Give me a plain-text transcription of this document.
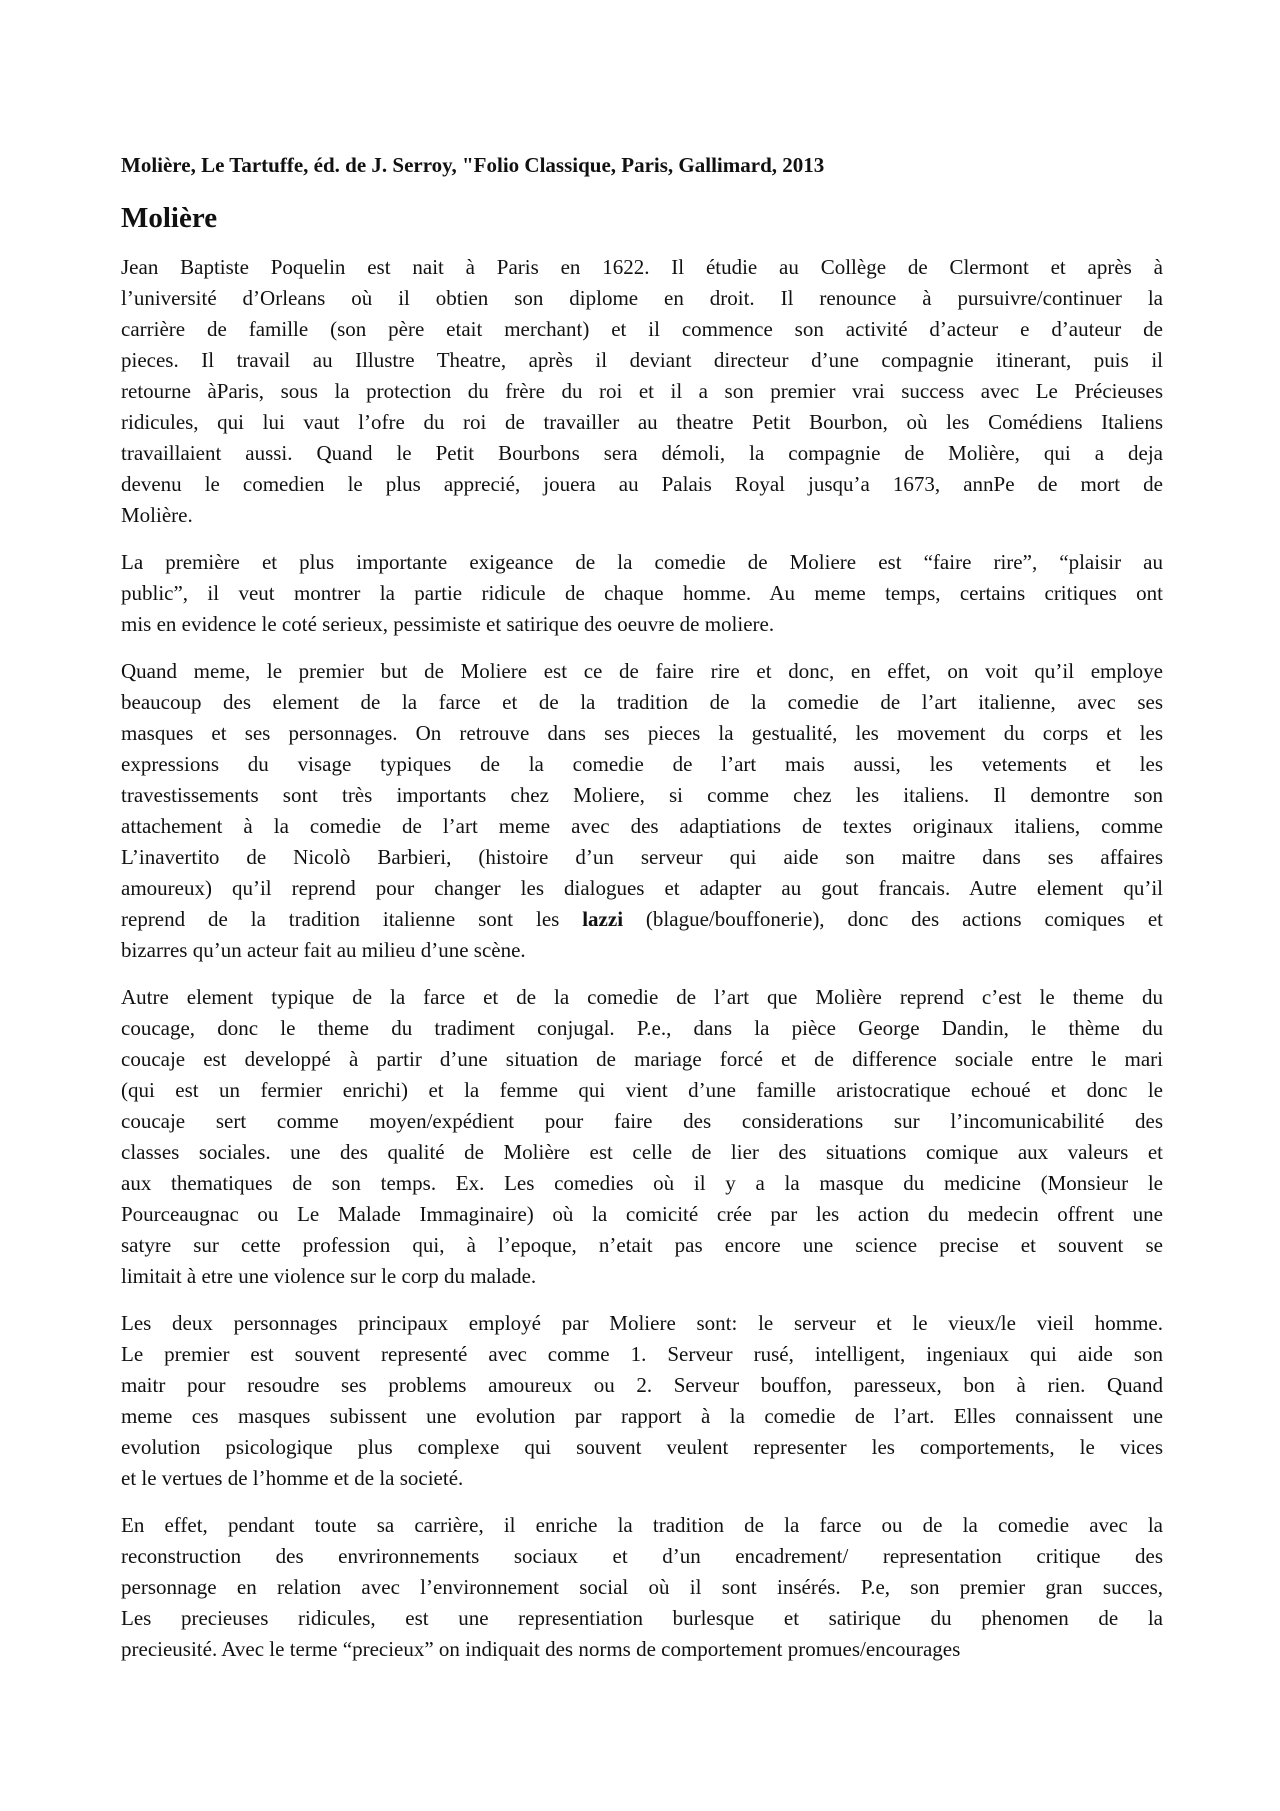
Molière, Le Tartuffe, éd. de J. Serroy, "Folio Classique, Paris, Gallimard, 2013

Molière
Jean Baptiste Poquelin est nait à Paris en 1622. Il étudie au Collège de Clermont et après à
l’université d’Orleans où il obtien son diplome en droit. Il renounce à pursuivre/continuer la
carrière de famille (son père etait merchant) et il commence son activité d’acteur e d’auteur de
pieces. Il travail au Illustre Theatre, après il deviant directeur d’une compagnie itinerant, puis il
retourne àParis, sous la protection du frère du roi et il a son premier vrai success avec Le Précieuses
ridicules, qui lui vaut l’ofre du roi de travailler au theatre Petit Bourbon, où les Comédiens Italiens
travaillaient aussi. Quand le Petit Bourbons sera démoli, la compagnie de Molière, qui a deja
devenu le comedien le plus apprecié, jouera au Palais Royal jusqu’a 1673, annPe de mort de
Molière.
La première et plus importante exigeance de la comedie de Moliere est “faire rire”, “plaisir au
public”, il veut montrer la partie ridicule de chaque homme. Au meme temps, certains critiques ont
mis en evidence le coté serieux, pessimiste et satirique des oeuvre de moliere.
Quand meme, le premier but de Moliere est ce de faire rire et donc, en effet, on voit qu’il employe
beaucoup des element de la farce et de la tradition de la comedie de l’art italienne, avec ses
masques et ses personnages. On retrouve dans ses pieces la gestualité, les movement du corps et les
expressions du visage typiques de la comedie de l’art mais aussi, les vetements et les
travestissements sont très importants chez Moliere, si comme chez les italiens. Il demontre son
attachement à la comedie de l’art meme avec des adaptiations de textes originaux italiens, comme
L’inavertito de Nicolò Barbieri, (histoire d’un serveur qui aide son maitre dans ses affaires
amoureux) qu’il reprend pour changer les dialogues et adapter au gout francais. Autre element qu’il
reprend de la tradition italienne sont les lazzi (blague/bouffonerie), donc des actions comiques et
bizarres qu’un acteur fait au milieu d’une scène.
Autre element typique de la farce et de la comedie de l’art que Molière reprend c’est le theme du
coucage, donc le theme du tradiment conjugal. P.e., dans la pièce George Dandin, le thème du
coucaje est developpé à partir d’une situation de mariage forcé et de difference sociale entre le mari
(qui est un fermier enrichi) et la femme qui vient d’une famille aristocratique echoué et donc le
coucaje sert comme moyen/expédient pour faire des considerations sur l’incomunicabilité des
classes sociales. une des qualité de Molière est celle de lier des situations comique aux valeurs et
aux thematiques de son temps. Ex. Les comedies où il y a la masque du medicine (Monsieur le
Pourceaugnac ou Le Malade Immaginaire) où la comicité crée par les action du medecin offrent une
satyre sur cette profession qui, à l’epoque, n’etait pas encore une science precise et souvent se
limitait à etre une violence sur le corp du malade.
Les deux personnages principaux employé par Moliere sont: le serveur et le vieux/le vieil homme.
Le premier est souvent representé avec comme 1. Serveur rusé, intelligent, ingeniaux qui aide son
maitr pour resoudre ses problems amoureux ou 2. Serveur bouffon, paresseux, bon à rien. Quand
meme ces masques subissent une evolution par rapport à la comedie de l’art. Elles connaissent une
evolution psicologique plus complexe qui souvent veulent representer les comportements, le vices
et le vertues de l’homme et de la societé.
En effet, pendant toute sa carrière, il enriche la tradition de la farce ou de la comedie avec la
reconstruction des envrironnements sociaux et d’un encadrement/ representation critique des
personnage en relation avec l’environnement social où il sont insérés. P.e, son premier gran succes,
Les precieuses ridicules, est une representiation burlesque et satirique du phenomen de la
precieusité. Avec le terme “precieux” on indiquait des norms de comportement promues/encourages
